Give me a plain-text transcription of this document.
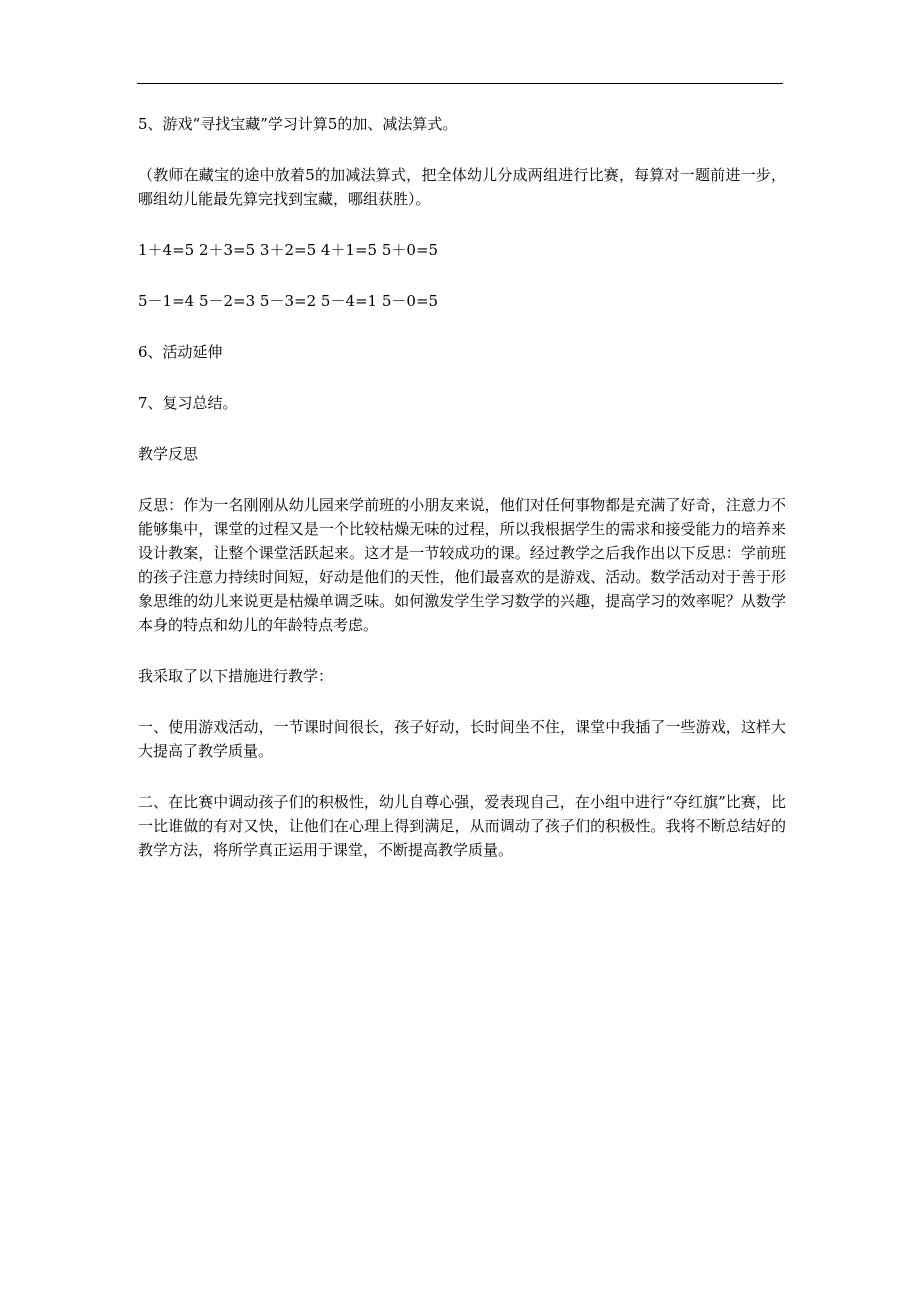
5、游戏“寻找宝藏”学习计算5的加、减法算式。

（教师在藏宝的途中放着5的加减法算式，把全体幼儿分成两组进行比赛，每算对一题前进一步，哪组幼儿能最先算完找到宝藏，哪组获胜）。

1＋4=5 2＋3=5 3＋2=5 4＋1=5 5＋0=5

5－1=4 5－2=3 5－3=2 5－4=1 5－0=5

6、活动延伸

7、复习总结。

教学反思

反思：作为一名刚刚从幼儿园来学前班的小朋友来说，他们对任何事物都是充满了好奇，注意力不能够集中，课堂的过程又是一个比较枯燥无味的过程，所以我根据学生的需求和接受能力的培养来设计教案，让整个课堂活跃起来。这才是一节较成功的课。经过教学之后我作出以下反思：学前班的孩子注意力持续时间短，好动是他们的天性，他们最喜欢的是游戏、活动。数学活动对于善于形象思维的幼儿来说更是枯燥单调乏味。如何激发学生学习数学的兴趣，提高学习的效率呢？从数学本身的特点和幼儿的年龄特点考虑。

我采取了以下措施进行教学：

一、使用游戏活动，一节课时间很长，孩子好动，长时间坐不住，课堂中我插了一些游戏，这样大大提高了教学质量。

二、在比赛中调动孩子们的积极性，幼儿自尊心强，爱表现自己，在小组中进行“夺红旗”比赛，比一比谁做的有对又快，让他们在心理上得到满足，从而调动了孩子们的积极性。我将不断总结好的教学方法，将所学真正运用于课堂，不断提高教学质量。
